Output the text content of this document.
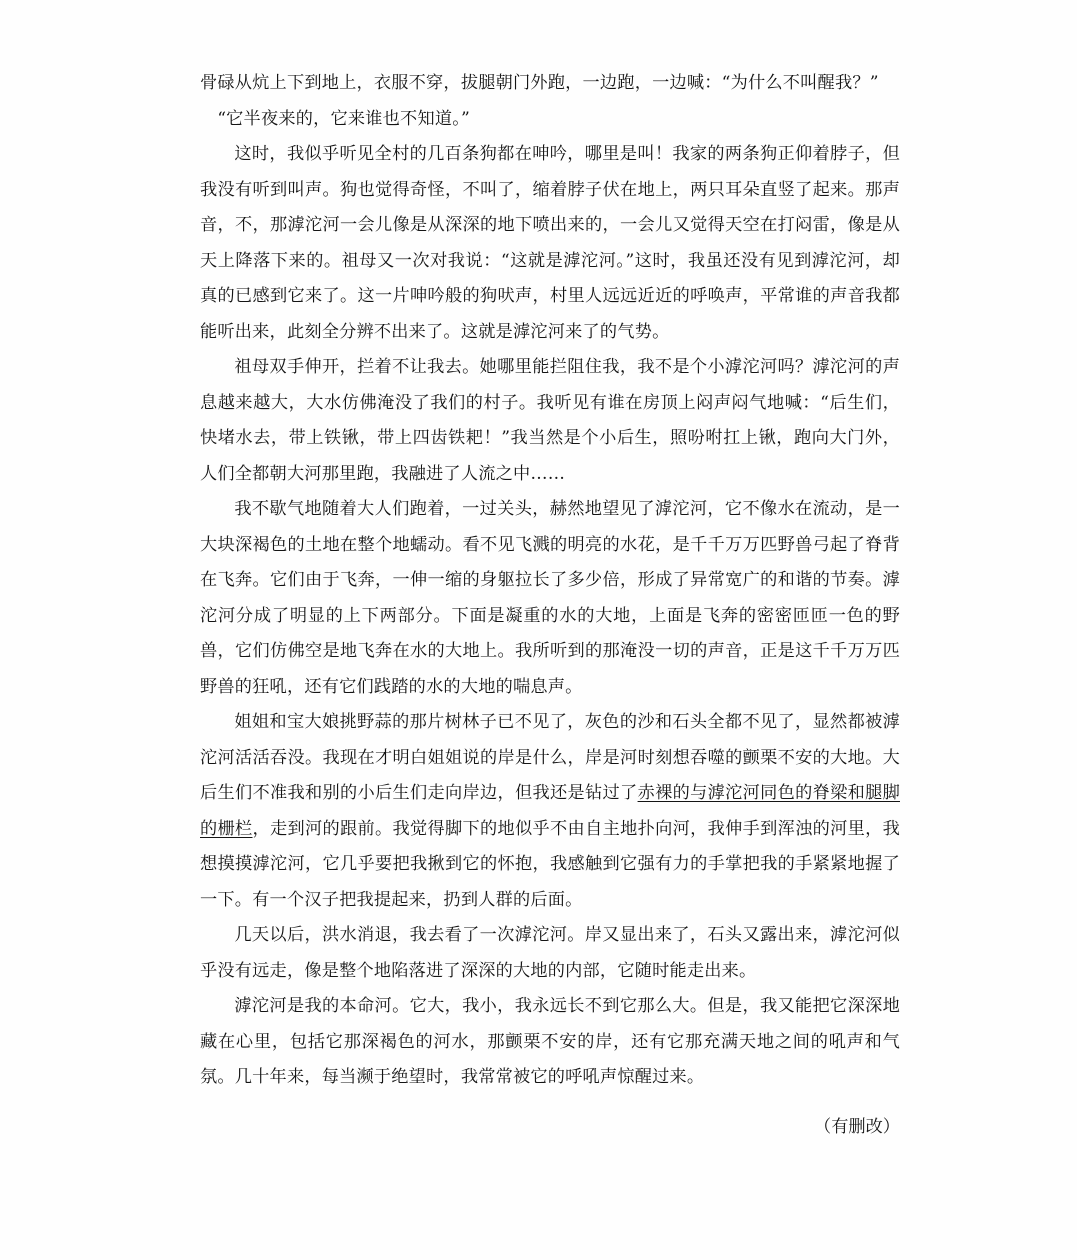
骨碌从炕上下到地上，衣服不穿，拔腿朝门外跑，一边跑，一边喊：“为什么不叫醒我？”

“它半夜来的，它来谁也不知道。”

这时，我似乎听见全村的几百条狗都在呻吟，哪里是叫！我家的两条狗正仰着脖子，但我没有听到叫声。狗也觉得奇怪，不叫了，缩着脖子伏在地上，两只耳朵直竖了起来。那声音，不，那滹沱河一会儿像是从深深的地下喷出来的，一会儿又觉得天空在打闷雷，像是从天上降落下来的。祖母又一次对我说：“这就是滹沱河。”这时，我虽还没有见到滹沱河，却真的已感到它来了。这一片呻吟般的狗吠声，村里人远远近近的呼唤声，平常谁的声音我都能听出来，此刻全分辨不出来了。这就是滹沱河来了的气势。

祖母双手伸开，拦着不让我去。她哪里能拦阻住我，我不是个小滹沱河吗？滹沱河的声息越来越大，大水仿佛淹没了我们的村子。我听见有谁在房顶上闷声闷气地喊：“后生们，快堵水去，带上铁锹，带上四齿铁耙！”我当然是个小后生，照吩咐扛上锹，跑向大门外，人们全都朝大河那里跑，我融进了人流之中……

我不歇气地随着大人们跑着，一过关头，赫然地望见了滹沱河，它不像水在流动，是一大块深褐色的土地在整个地蠕动。看不见飞溅的明亮的水花，是千千万万匹野兽弓起了脊背在飞奔。它们由于飞奔，一伸一缩的身躯拉长了多少倍，形成了异常宽广的和谐的节奏。滹沱河分成了明显的上下两部分。下面是凝重的水的大地，上面是飞奔的密密匝匝一色的野兽，它们仿佛空是地飞奔在水的大地上。我所听到的那淹没一切的声音，正是这千千万万匹野兽的狂吼，还有它们践踏的水的大地的喘息声。

姐姐和宝大娘挑野蒜的那片树林子已不见了，灰色的沙和石头全都不见了，显然都被滹沱河活活吞没。我现在才明白姐姐说的岸是什么，岸是河时刻想吞噬的颤栗不安的大地。大后生们不准我和别的小后生们走向岸边，但我还是钻过了赤裸的与滹沱河同色的脊梁和腿脚的栅栏，走到河的跟前。我觉得脚下的地似乎不由自主地扑向河，我伸手到浑浊的河里，我想摸摸滹沱河，它几乎要把我揪到它的怀抱，我感触到它强有力的手掌把我的手紧紧地握了一下。有一个汉子把我提起来，扔到人群的后面。

几天以后，洪水消退，我去看了一次滹沱河。岸又显出来了，石头又露出来，滹沱河似乎没有远走，像是整个地陷落进了深深的大地的内部，它随时能走出来。

滹沱河是我的本命河。它大，我小，我永远长不到它那么大。但是，我又能把它深深地藏在心里，包括它那深褐色的河水，那颤栗不安的岸，还有它那充满天地之间的吼声和气氛。几十年来，每当濒于绝望时，我常常被它的呼吼声惊醒过来。

（有删改）
